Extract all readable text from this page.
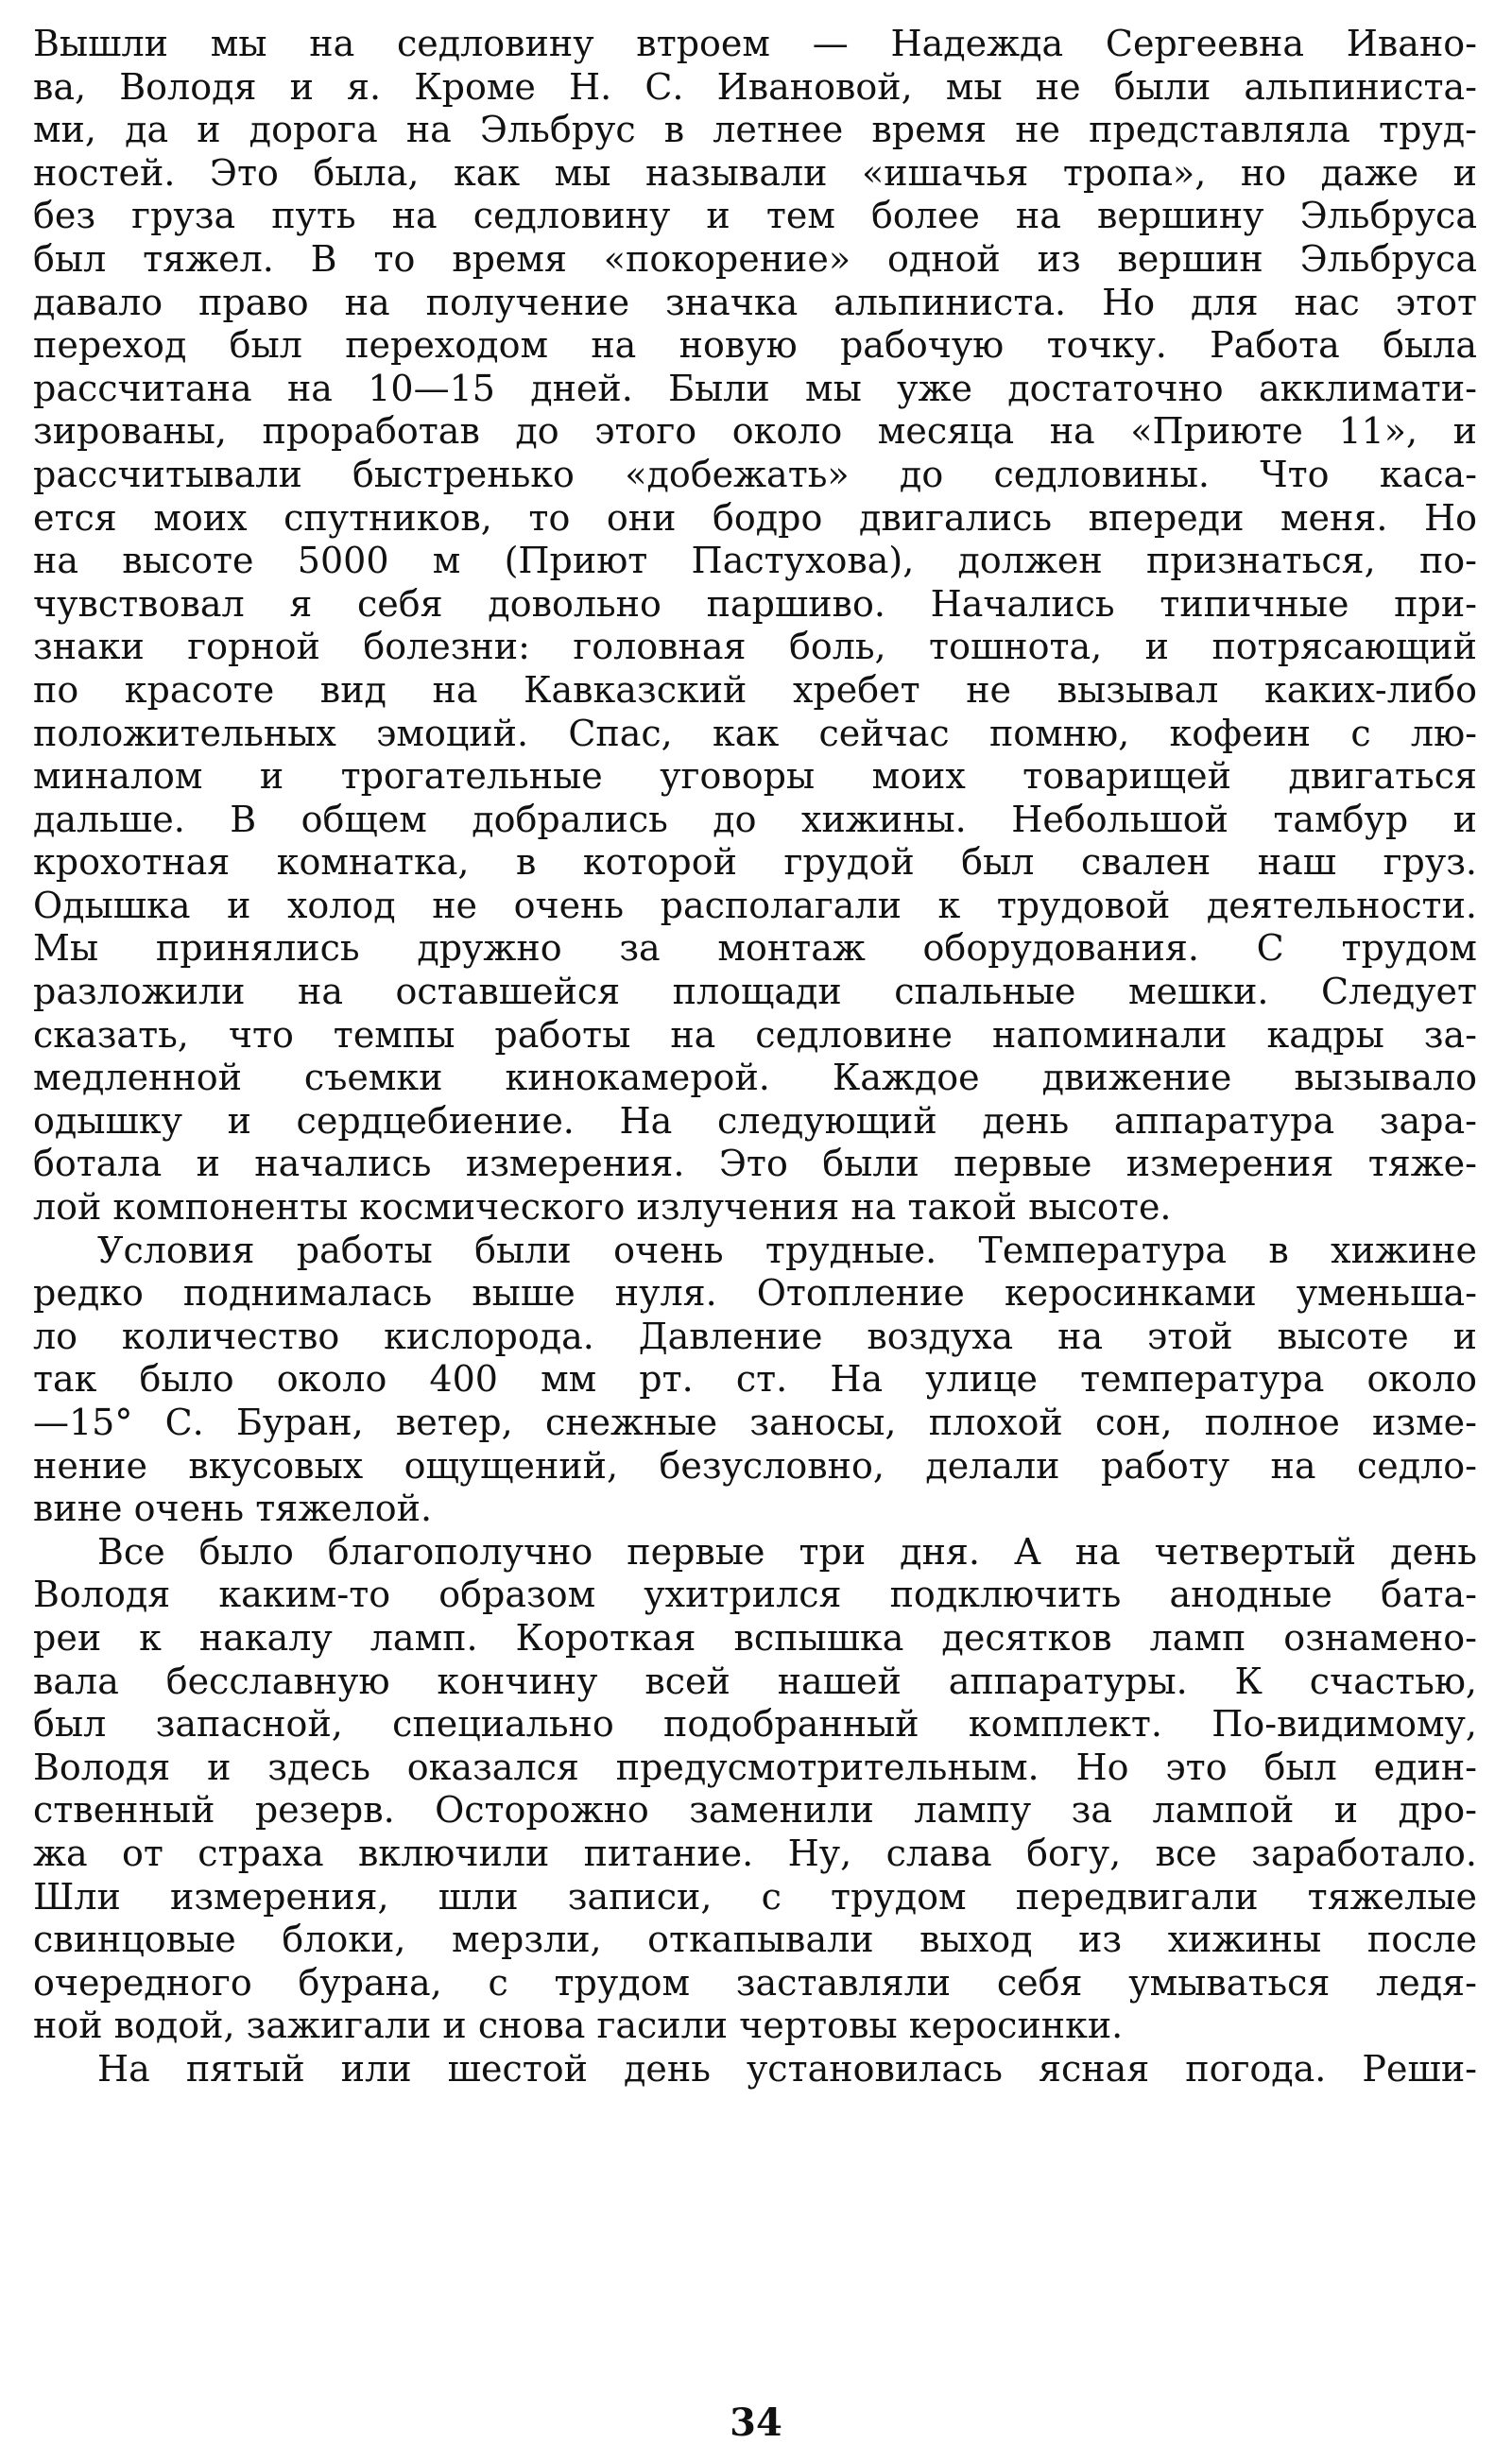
Вышли мы на седловину втроем — Надежда Сергеевна Ивано-
ва, Володя и я. Кроме Н. С. Ивановой, мы не были альпиниста-
ми, да и дорога на Эльбрус в летнее время не представляла труд-
ностей. Это была, как мы называли «ишачья тропа», но даже и
без груза путь на седловину и тем более на вершину Эльбруса
был тяжел. В то время «покорение» одной из вершин Эльбруса
давало право на получение значка альпиниста. Но для нас этот
переход был переходом на новую рабочую точку. Работа была
рассчитана на 10—15 дней. Были мы уже достаточно акклимати-
зированы, проработав до этого около месяца на «Приюте 11», и
рассчитывали быстренько «добежать» до седловины. Что каса-
ется моих спутников, то они бодро двигались впереди меня. Но
на высоте 5000 м (Приют Пастухова), должен признаться, по-
чувствовал я себя довольно паршиво. Начались типичные при-
знаки горной болезни: головная боль, тошнота, и потрясающий
по красоте вид на Кавказский хребет не вызывал каких-либо
положительных эмоций. Спас, как сейчас помню, кофеин с лю-
миналом и трогательные уговоры моих товарищей двигаться
дальше. В общем добрались до хижины. Небольшой тамбур и
крохотная комнатка, в которой грудой был свален наш груз.
Одышка и холод не очень располагали к трудовой деятельности.
Мы принялись дружно за монтаж оборудования. С трудом
разложили на оставшейся площади спальные мешки. Следует
сказать, что темпы работы на седловине напоминали кадры за-
медленной съемки кинокамерой. Каждое движение вызывало
одышку и сердцебиение. На следующий день аппаратура зара-
ботала и начались измерения. Это были первые измерения тяже-
лой компоненты космического излучения на такой высоте.
Условия работы были очень трудные. Температура в хижине
редко поднималась выше нуля. Отопление керосинками уменьша-
ло количество кислорода. Давление воздуха на этой высоте и
так было около 400 мм рт. ст. На улице температура около
—15° С. Буран, ветер, снежные заносы, плохой сон, полное изме-
нение вкусовых ощущений, безусловно, делали работу на седло-
вине очень тяжелой.
Все было благополучно первые три дня. А на четвертый день
Володя каким-то образом ухитрился подключить анодные бата-
реи к накалу ламп. Короткая вспышка десятков ламп ознамено-
вала бесславную кончину всей нашей аппаратуры. К счастью,
был запасной, специально подобранный комплект. По-видимому,
Володя и здесь оказался предусмотрительным. Но это был един-
ственный резерв. Осторожно заменили лампу за лампой и дро-
жа от страха включили питание. Ну, слава богу, все заработало.
Шли измерения, шли записи, с трудом передвигали тяжелые
свинцовые блоки, мерзли, откапывали выход из хижины после
очередного бурана, с трудом заставляли себя умываться ледя-
ной водой, зажигали и снова гасили чертовы керосинки.
На пятый или шестой день установилась ясная погода. Реши-
34
